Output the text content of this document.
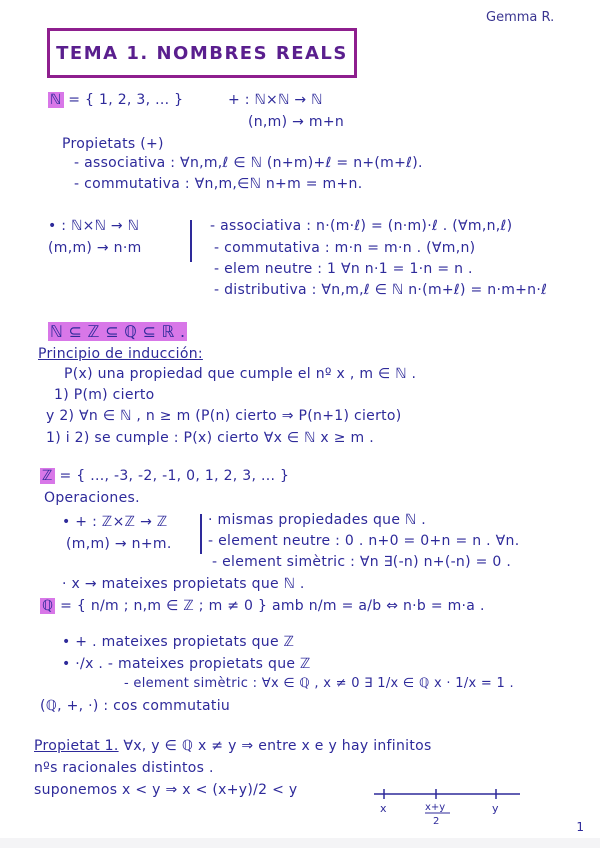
Gemma R.
TEMA 1. NOMBRES REALS
ℕ = { 1, 2, 3, ... }	+ : ℕ×ℕ → ℕ
(n,m) → m+n
Propietats (+)
- associativa : ∀n,m,ℓ ∈ ℕ (n+m)+ℓ = n+(m+ℓ).
- commutativa : ∀n,m,∈ℕ n+m = m+n.
• : ℕ×ℕ → ℕ
(m,m) → n·m
- associativa : n·(m·ℓ) = (n·m)·ℓ . (∀m,n,ℓ)
- commutativa : m·n = m·n . (∀m,n)
- elem neutre : 1 ∀n n·1 = 1·n = n .
- distributiva : ∀n,m,ℓ ∈ ℕ n·(m+ℓ) = n·m+n·ℓ
ℕ ⊆ ℤ ⊆ ℚ ⊆ ℝ .
Principio de inducción:
P(x) una propiedad que cumple el nº x , m ∈ ℕ .
1) P(m) cierto
y 2) ∀n ∈ ℕ , n ≥ m (P(n) cierto ⇒ P(n+1) cierto)
1) i 2) se cumple : P(x) cierto ∀x ∈ ℕ x ≥ m .
ℤ = { ..., -3, -2, -1, 0, 1, 2, 3, ... }
Operaciones.
• + : ℤ×ℤ → ℤ
(m,m) → n+m.
· mismas propiedades que ℕ .
- element neutre : 0 . n+0 = 0+n = n . ∀n.
- element simètric : ∀n ∃(-n) n+(-n) = 0 .
· x → mateixes propietats que ℕ .
ℚ = { n/m ; n,m ∈ ℤ ; m ≠ 0 } amb n/m = a/b ⇔ n·b = m·a .
• + . mateixes propietats que ℤ
• ·/x . - mateixes propietats que ℤ
- element simètric : ∀x ∈ ℚ , x ≠ 0 ∃ 1/x ∈ ℚ x · 1/x = 1 .
(ℚ, +, ·) : cos commutatiu
Propietat 1. ∀x, y ∈ ℚ x ≠ y ⇒ entre x e y hay infinitos
nºs racionales distintos .
suponemos x < y ⇒ x < (x+y)/2 < y
x	x+y
2
y
1
